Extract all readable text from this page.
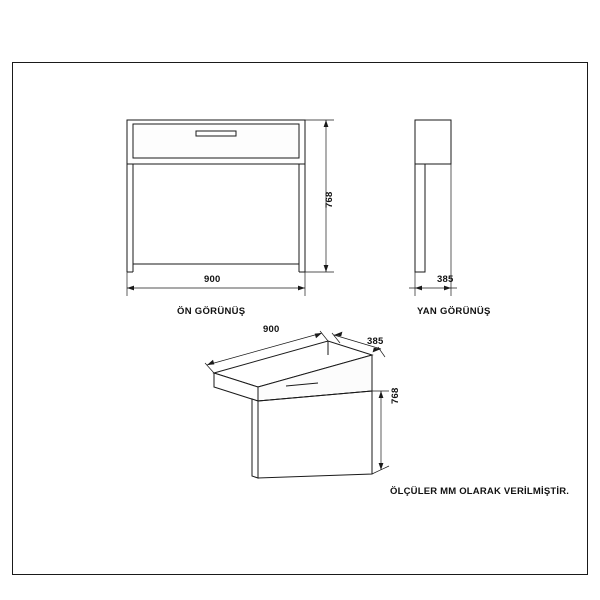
900
768
ÖN GÖRÜNÜŞ
385
YAN GÖRÜNÜŞ
900
385
768
ÖLÇÜLER MM OLARAK VERİLMİŞTİR.
